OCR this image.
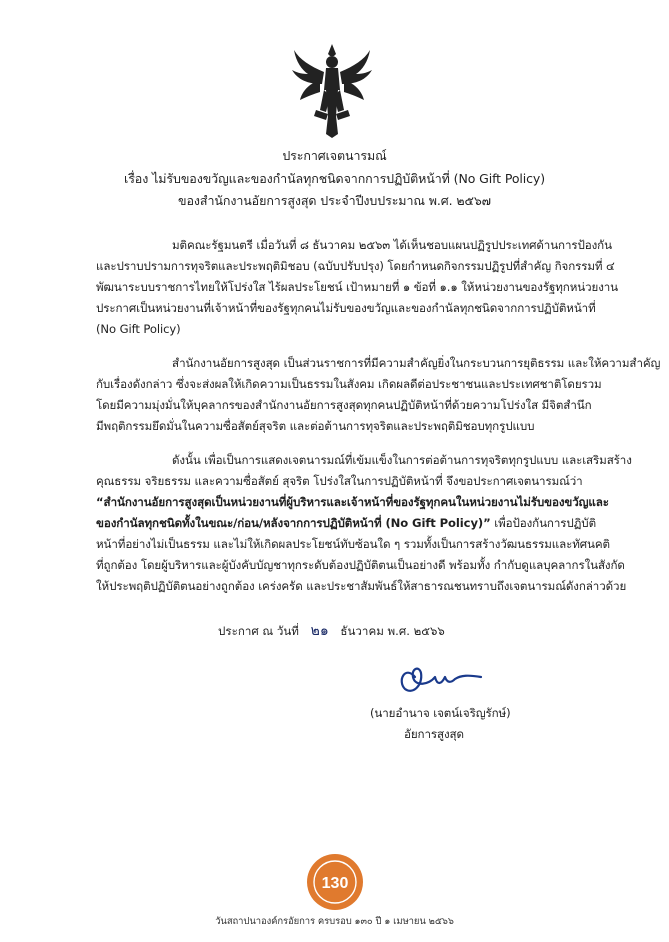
ประกาศเจตนารมณ์
เรื่อง ไม่รับของขวัญและของกำนัลทุกชนิดจากการปฏิบัติหน้าที่ (No Gift Policy)
ของสำนักงานอัยการสูงสุด ประจำปีงบประมาณ พ.ศ. ๒๕๖๗
มติคณะรัฐมนตรี เมื่อวันที่ ๘ ธันวาคม ๒๕๖๓ ได้เห็นชอบแผนปฏิรูปประเทศด้านการป้องกัน
และปราบปรามการทุจริตและประพฤติมิชอบ (ฉบับปรับปรุง) โดยกำหนดกิจกรรมปฏิรูปที่สำคัญ กิจกรรมที่ ๔
พัฒนาระบบราชการไทยให้โปร่งใส ไร้ผลประโยชน์ เป้าหมายที่ ๑ ข้อที่ ๑.๑ ให้หน่วยงานของรัฐทุกหน่วยงาน
ประกาศเป็นหน่วยงานที่เจ้าหน้าที่ของรัฐทุกคนไม่รับของขวัญและของกำนัลทุกชนิดจากการปฏิบัติหน้าที่
(No Gift Policy)
สำนักงานอัยการสูงสุด เป็นส่วนราชการที่มีความสำคัญยิ่งในกระบวนการยุติธรรม และให้ความสำคัญ
กับเรื่องดังกล่าว ซึ่งจะส่งผลให้เกิดความเป็นธรรมในสังคม เกิดผลดีต่อประชาชนและประเทศชาติโดยรวม
โดยมีความมุ่งมั่นให้บุคลากรของสำนักงานอัยการสูงสุดทุกคนปฏิบัติหน้าที่ด้วยความโปร่งใส มีจิตสำนึก
มีพฤติกรรมยึดมั่นในความซื่อสัตย์สุจริต และต่อต้านการทุจริตและประพฤติมิชอบทุกรูปแบบ
ดังนั้น เพื่อเป็นการแสดงเจตนารมณ์ที่เข้มแข็งในการต่อต้านการทุจริตทุกรูปแบบ และเสริมสร้าง
คุณธรรม จริยธรรม และความซื่อสัตย์ สุจริต โปร่งใสในการปฏิบัติหน้าที่ จึงขอประกาศเจตนารมณ์ว่า
“สำนักงานอัยการสูงสุดเป็นหน่วยงานที่ผู้บริหารและเจ้าหน้าที่ของรัฐทุกคนในหน่วยงานไม่รับของขวัญและ
ของกำนัลทุกชนิดทั้งในขณะ/ก่อน/หลังจากการปฏิบัติหน้าที่ (No Gift Policy)” เพื่อป้องกันการปฏิบัติ
หน้าที่อย่างไม่เป็นธรรม และไม่ให้เกิดผลประโยชน์ทับซ้อนใด ๆ รวมทั้งเป็นการสร้างวัฒนธรรมและทัศนคติ
ที่ถูกต้อง โดยผู้บริหารและผู้บังคับบัญชาทุกระดับต้องปฏิบัติตนเป็นอย่างดี พร้อมทั้ง กำกับดูแลบุคลากรในสังกัด
ให้ประพฤติปฏิบัติตนอย่างถูกต้อง เคร่งครัด และประชาสัมพันธ์ให้สาธารณชนทราบถึงเจตนารมณ์ดังกล่าวด้วย
ประกาศ ณ วันที่ ๒๑ ธันวาคม พ.ศ. ๒๕๖๖
(นายอำนาจ เจตน์เจริญรักษ์)
อัยการสูงสุด
130
วันสถาปนาองค์กรอัยการ ครบรอบ ๑๓๐ ปี ๑ เมษายน ๒๕๖๖
